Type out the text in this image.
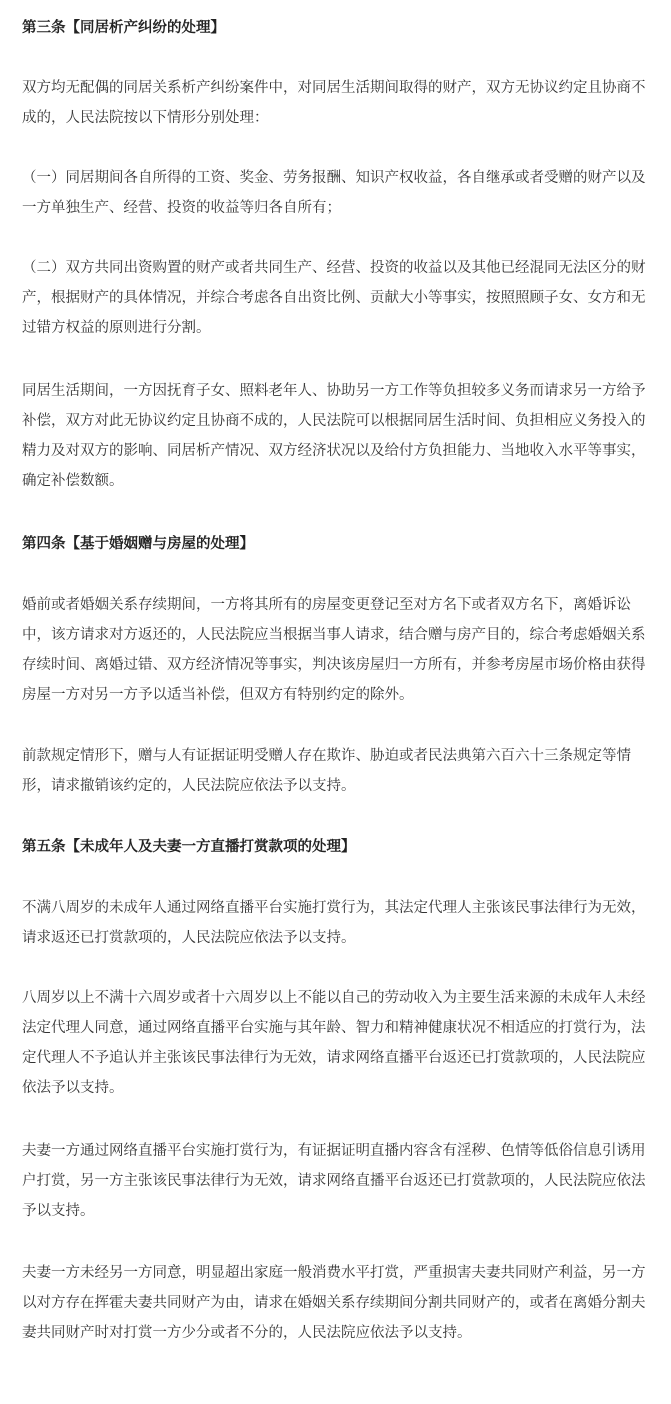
第三条【同居析产纠纷的处理】

双方均无配偶的同居关系析产纠纷案件中，对同居生活期间取得的财产，双方无协议约定且协商不成的，人民法院按以下情形分别处理：

（一）同居期间各自所得的工资、奖金、劳务报酬、知识产权收益，各自继承或者受赠的财产以及一方单独生产、经营、投资的收益等归各自所有；

（二）双方共同出资购置的财产或者共同生产、经营、投资的收益以及其他已经混同无法区分的财产，根据财产的具体情况，并综合考虑各自出资比例、贡献大小等事实，按照照顾子女、女方和无过错方权益的原则进行分割。

同居生活期间，一方因抚育子女、照料老年人、协助另一方工作等负担较多义务而请求另一方给予补偿，双方对此无协议约定且协商不成的，人民法院可以根据同居生活时间、负担相应义务投入的精力及对双方的影响、同居析产情况、双方经济状况以及给付方负担能力、当地收入水平等事实，确定补偿数额。

第四条【基于婚姻赠与房屋的处理】

婚前或者婚姻关系存续期间，一方将其所有的房屋变更登记至对方名下或者双方名下，离婚诉讼中，该方请求对方返还的，人民法院应当根据当事人请求，结合赠与房产目的，综合考虑婚姻关系存续时间、离婚过错、双方经济情况等事实，判决该房屋归一方所有，并参考房屋市场价格由获得房屋一方对另一方予以适当补偿，但双方有特别约定的除外。

前款规定情形下，赠与人有证据证明受赠人存在欺诈、胁迫或者民法典第六百六十三条规定等情形，请求撤销该约定的，人民法院应依法予以支持。

第五条【未成年人及夫妻一方直播打赏款项的处理】

不满八周岁的未成年人通过网络直播平台实施打赏行为，其法定代理人主张该民事法律行为无效，请求返还已打赏款项的，人民法院应依法予以支持。

八周岁以上不满十六周岁或者十六周岁以上不能以自己的劳动收入为主要生活来源的未成年人未经法定代理人同意，通过网络直播平台实施与其年龄、智力和精神健康状况不相适应的打赏行为，法定代理人不予追认并主张该民事法律行为无效，请求网络直播平台返还已打赏款项的，人民法院应依法予以支持。

夫妻一方通过网络直播平台实施打赏行为，有证据证明直播内容含有淫秽、色情等低俗信息引诱用户打赏，另一方主张该民事法律行为无效，请求网络直播平台返还已打赏款项的，人民法院应依法予以支持。

夫妻一方未经另一方同意，明显超出家庭一般消费水平打赏，严重损害夫妻共同财产利益，另一方以对方存在挥霍夫妻共同财产为由，请求在婚姻关系存续期间分割共同财产的，或者在离婚分割夫妻共同财产时对打赏一方少分或者不分的，人民法院应依法予以支持。
